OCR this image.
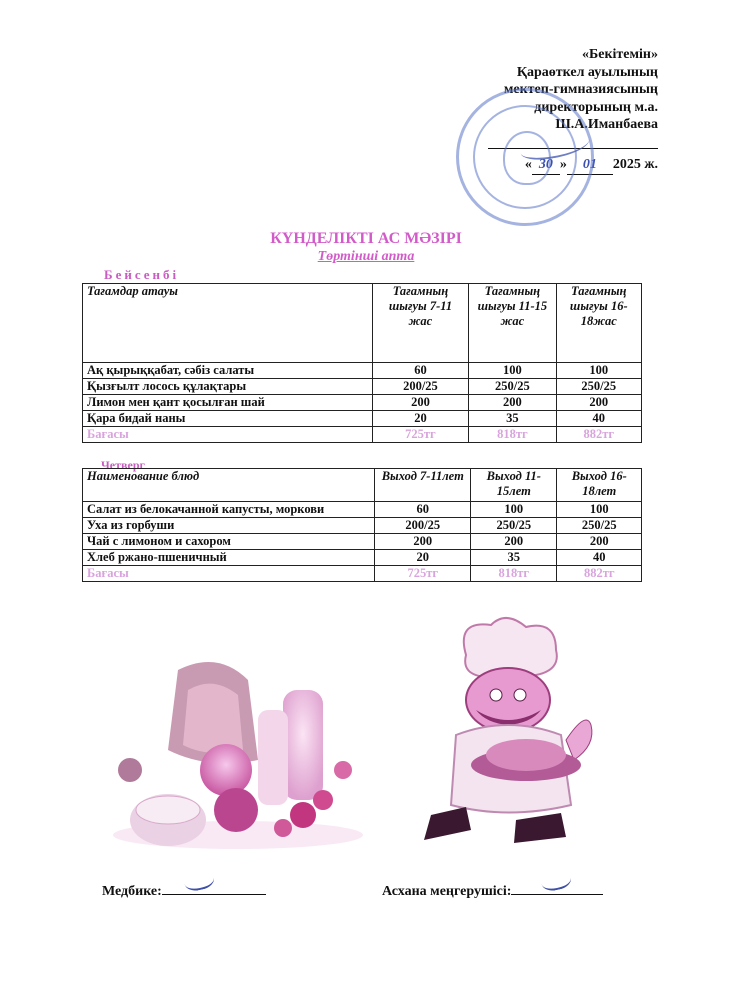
«Бекітемін»
Қараөткел ауылының
мектеп-гимназиясының
директорының м.а.
Ш.А.Иманбаева
« 30 » 01 2025 ж.
КҮНДЕЛІКТІ АС МӘЗІРІ
Төртінші апта
Бейсенбі
Тағамдар атауы	Тағамның шығуы 7-11 жас	Тағамның шығуы 11-15 жас	Тағамның шығуы 16-18жас
Ақ қырыққабат, сәбіз салаты	60	100	100
Қызғылт лосось құлақтары	200/25	250/25	250/25
Лимон мен қант қосылған шай	200	200	200
Қара бидай наны	20	35	40
Бағасы	725тг	818тг	882тг
Четверг
Наименование блюд	Выход 7-11лет	Выход 11-15лет	Выход 16-18лет
Салат из белокачанной капусты, моркови	60	100	100
Уха из горбуши	200/25	250/25	250/25
Чай с лимоном и сахором	200	200	200
Хлеб ржано-пшеничный	20	35	40
Бағасы	725тг	818тг	882тг
Медбике:	Асхана меңгерушісі:
